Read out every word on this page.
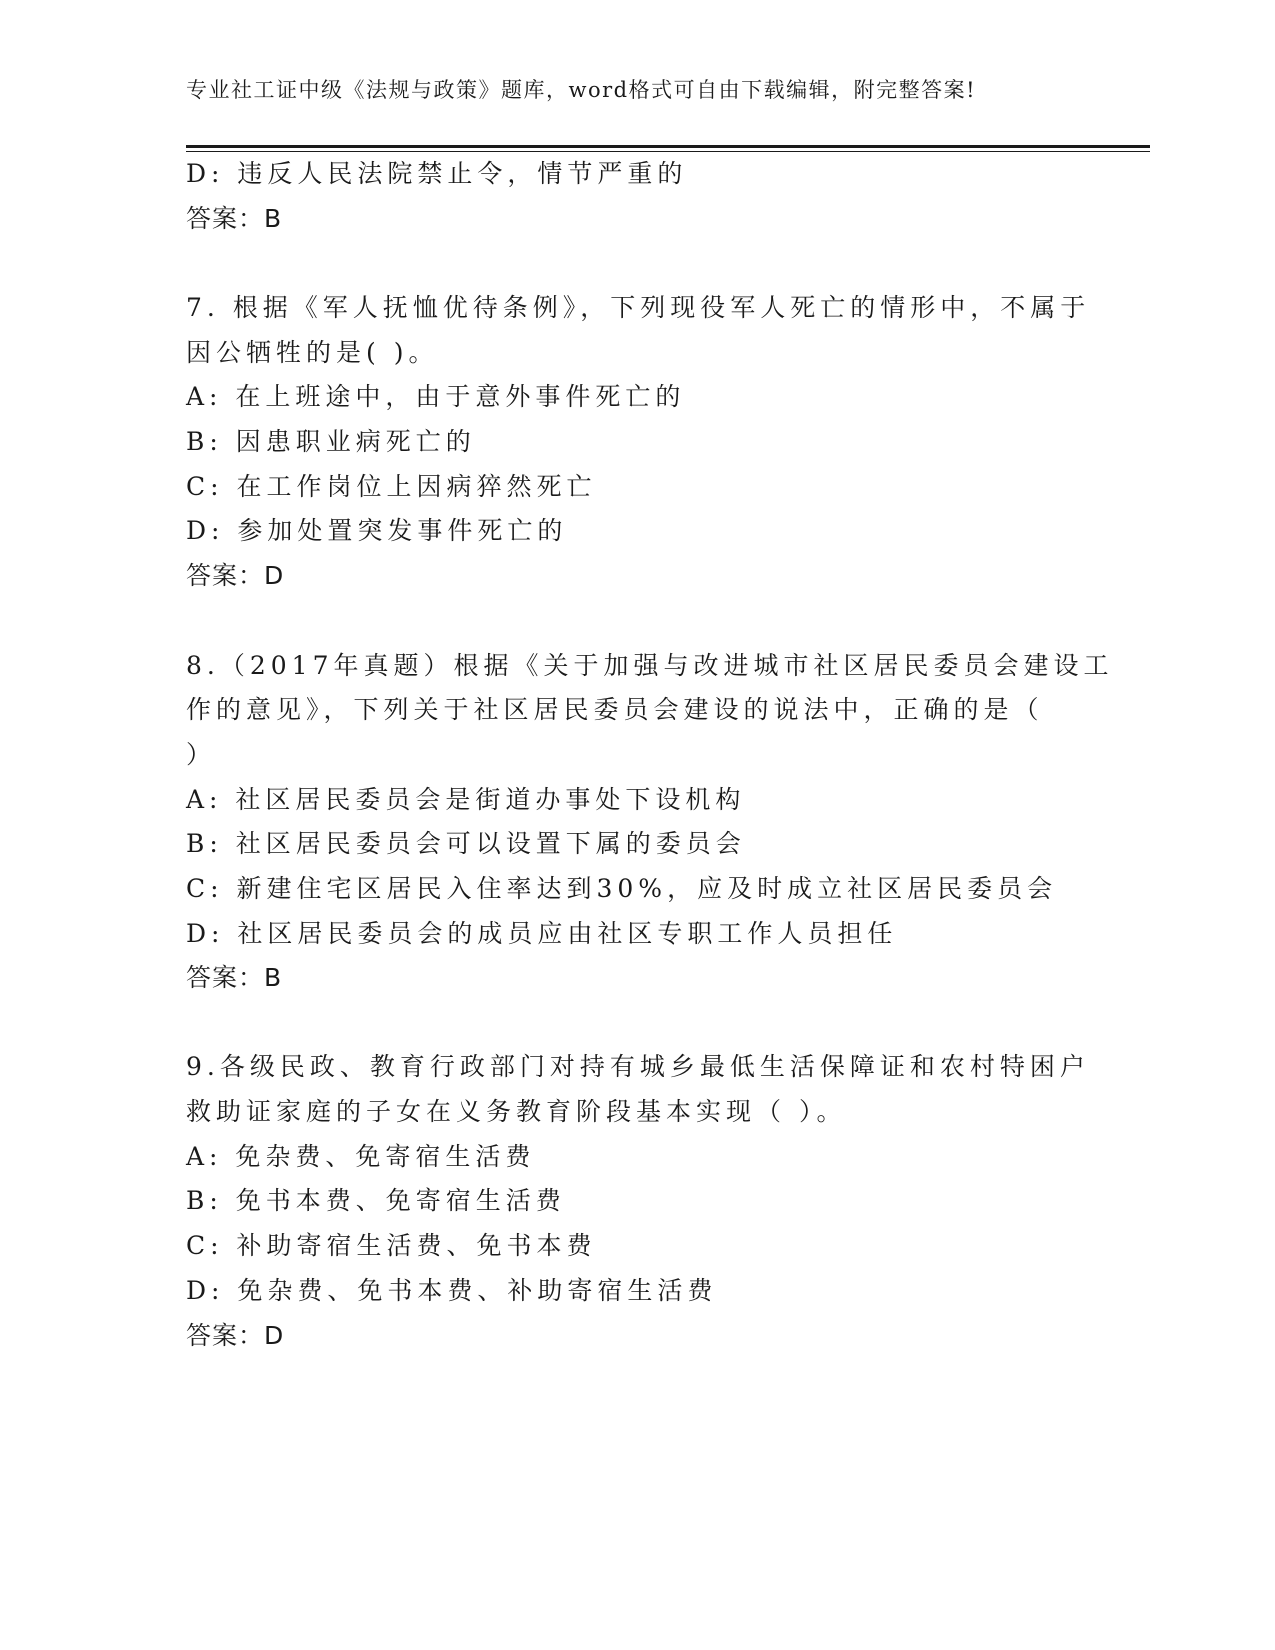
专业社工证中级《法规与政策》题库，word格式可自由下载编辑，附完整答案!
D: 违反人民法院禁止令，情节严重的
答案：B
7. 根据《军人抚恤优待条例》，下列现役军人死亡的情形中，不属于
因公牺牲的是( )。
A: 在上班途中，由于意外事件死亡的
B: 因患职业病死亡的
C: 在工作岗位上因病猝然死亡
D: 参加处置突发事件死亡的
答案：D
8.（2017年真题）根据《关于加强与改进城市社区居民委员会建设工
作的意见》，下列关于社区居民委员会建设的说法中，正确的是（
）
A: 社区居民委员会是街道办事处下设机构
B: 社区居民委员会可以设置下属的委员会
C: 新建住宅区居民入住率达到30%，应及时成立社区居民委员会
D: 社区居民委员会的成员应由社区专职工作人员担任
答案：B
9.各级民政、教育行政部门对持有城乡最低生活保障证和农村特困户
救助证家庭的子女在义务教育阶段基本实现（ ）。
A: 免杂费、免寄宿生活费
B: 免书本费、免寄宿生活费
C: 补助寄宿生活费、免书本费
D: 免杂费、免书本费、补助寄宿生活费
答案：D
